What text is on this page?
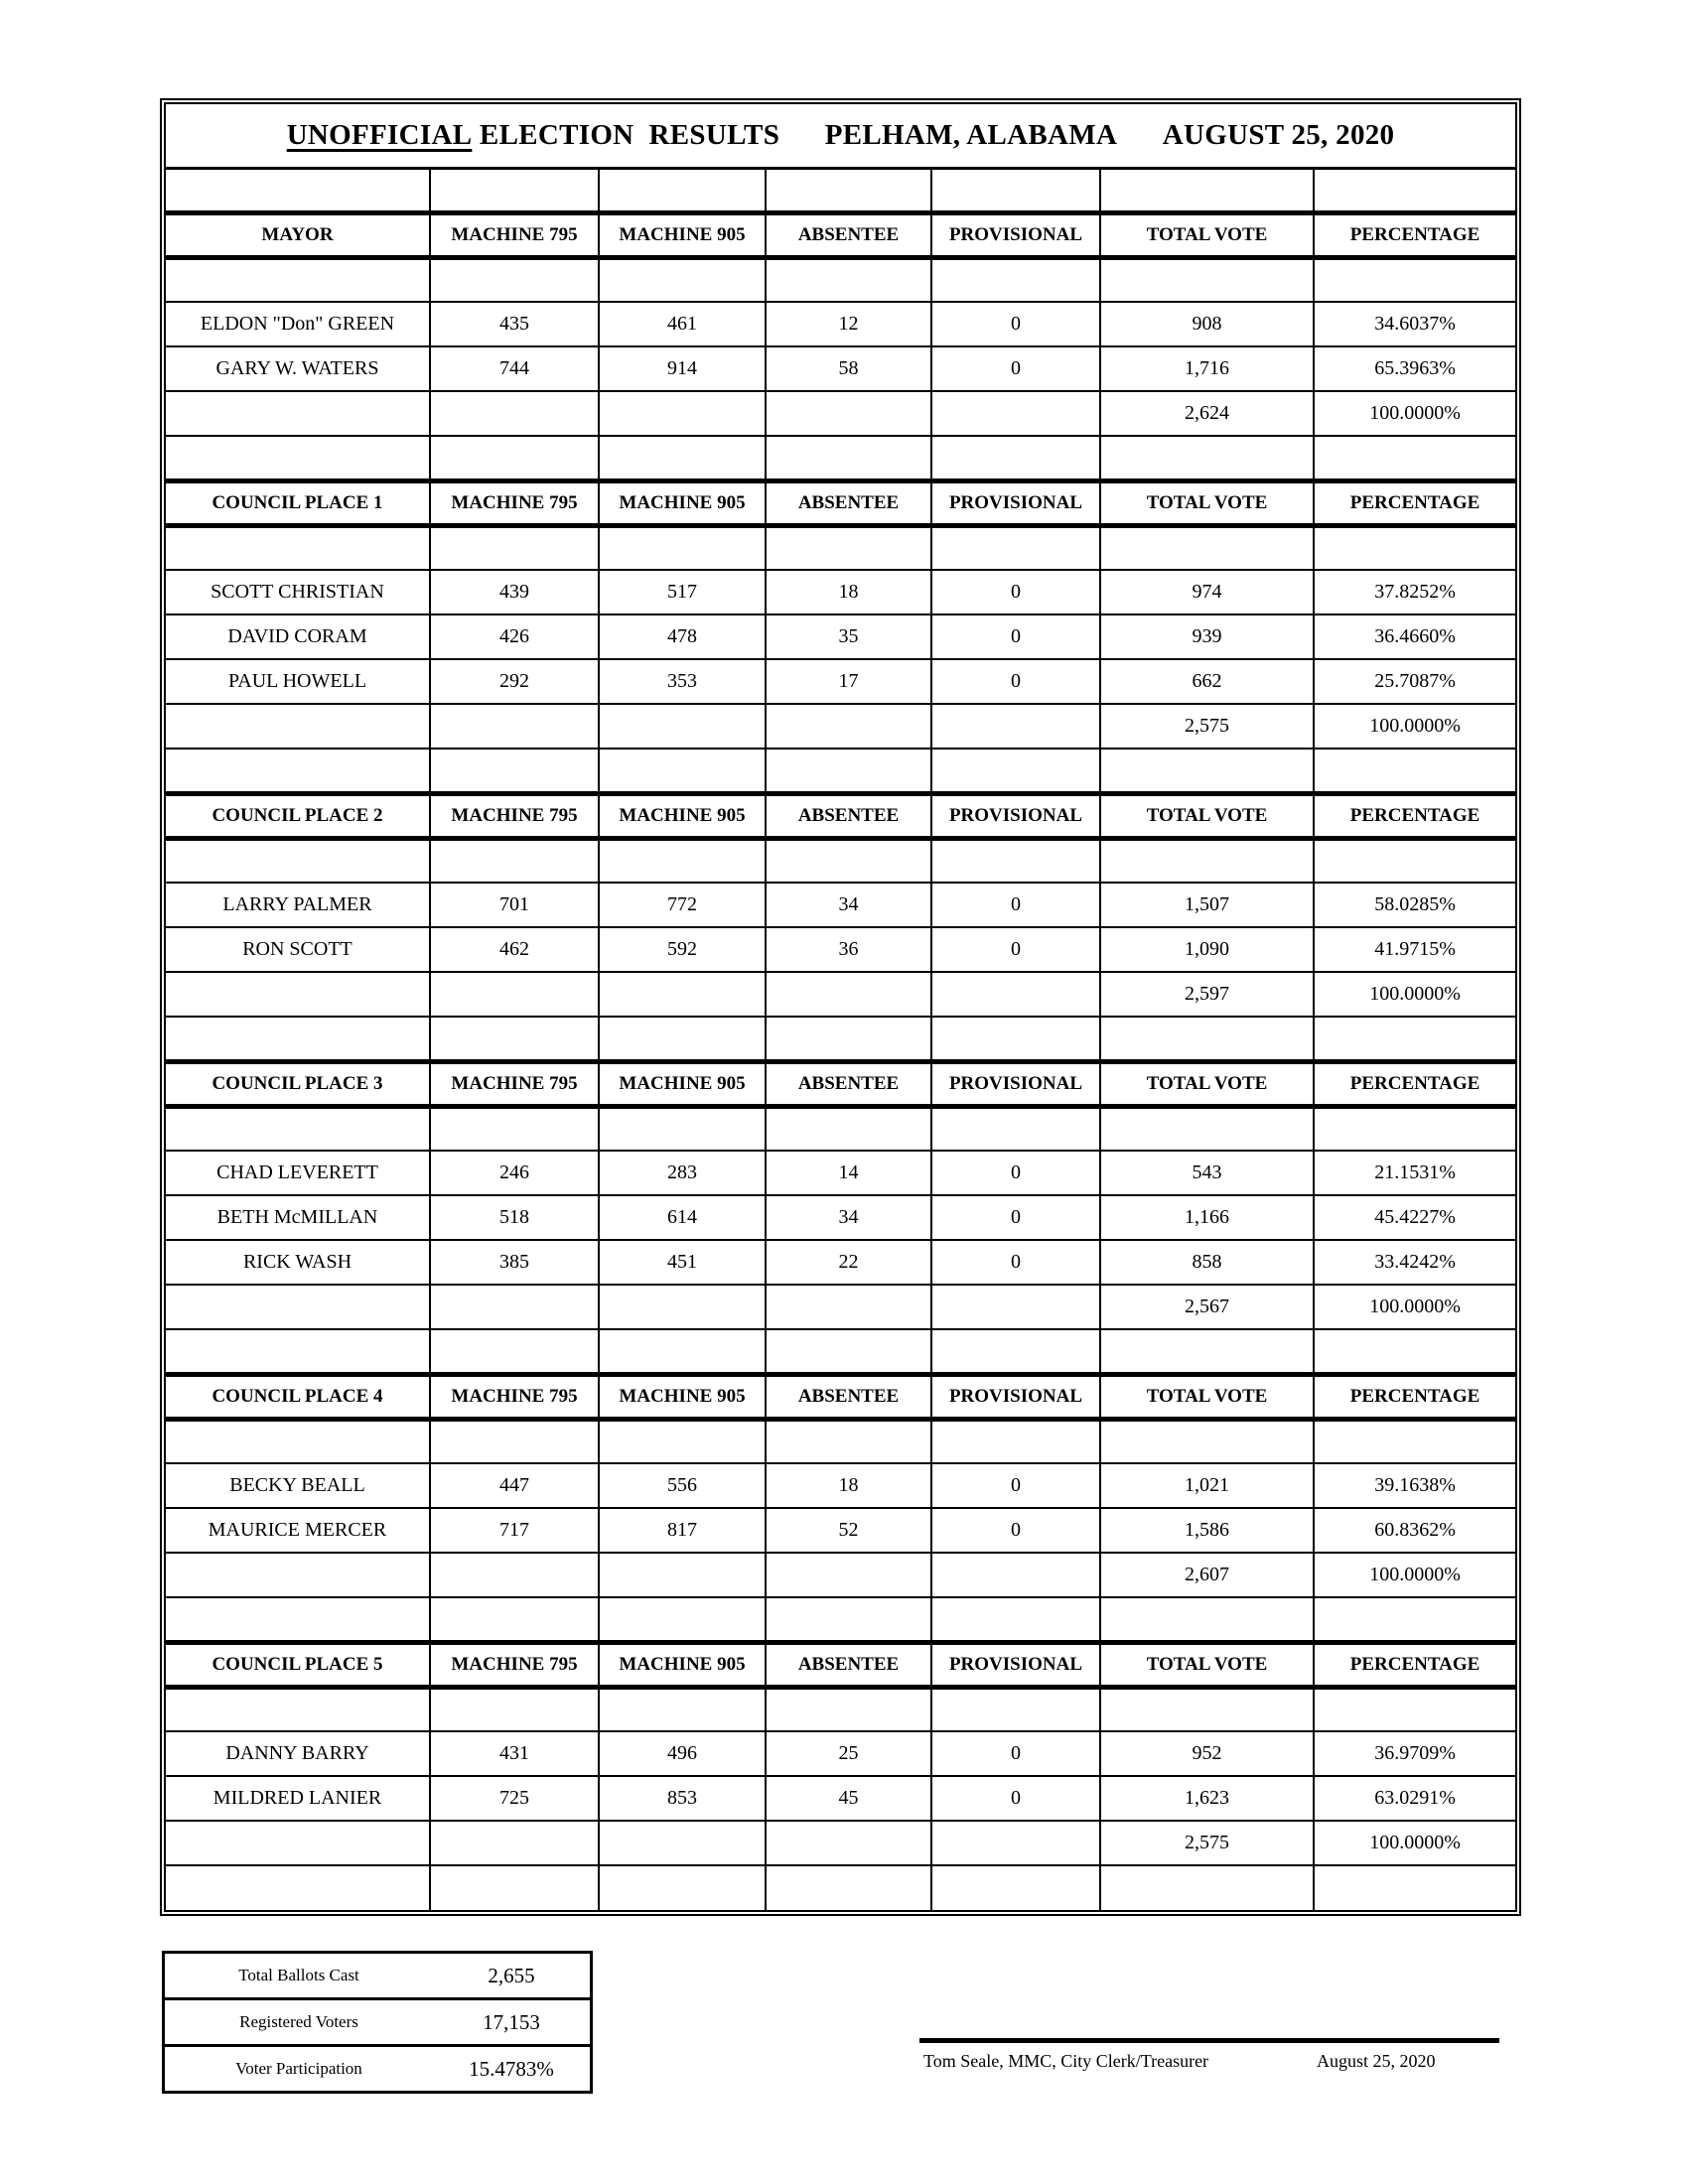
UNOFFICIAL ELECTION  RESULTS PELHAM, ALABAMA AUGUST 25, 2020						

MAYOR	MACHINE 795	MACHINE 905	ABSENTEE	PROVISIONAL	TOTAL VOTE	PERCENTAGE

ELDON "Don" GREEN	435	461	12	0	908	34.6037%
GARY W. WATERS	744	914	58	0	1,716	65.3963%
					2,624	100.0000%

COUNCIL PLACE 1	MACHINE 795	MACHINE 905	ABSENTEE	PROVISIONAL	TOTAL VOTE	PERCENTAGE

SCOTT CHRISTIAN	439	517	18	0	974	37.8252%
DAVID CORAM	426	478	35	0	939	36.4660%
PAUL HOWELL	292	353	17	0	662	25.7087%
					2,575	100.0000%

COUNCIL PLACE 2	MACHINE 795	MACHINE 905	ABSENTEE	PROVISIONAL	TOTAL VOTE	PERCENTAGE

LARRY PALMER	701	772	34	0	1,507	58.0285%
RON SCOTT	462	592	36	0	1,090	41.9715%
					2,597	100.0000%

COUNCIL PLACE 3	MACHINE 795	MACHINE 905	ABSENTEE	PROVISIONAL	TOTAL VOTE	PERCENTAGE

CHAD LEVERETT	246	283	14	0	543	21.1531%
BETH McMILLAN	518	614	34	0	1,166	45.4227%
RICK WASH	385	451	22	0	858	33.4242%
					2,567	100.0000%

COUNCIL PLACE 4	MACHINE 795	MACHINE 905	ABSENTEE	PROVISIONAL	TOTAL VOTE	PERCENTAGE

BECKY BEALL	447	556	18	0	1,021	39.1638%
MAURICE MERCER	717	817	52	0	1,586	60.8362%
					2,607	100.0000%

COUNCIL PLACE 5	MACHINE 795	MACHINE 905	ABSENTEE	PROVISIONAL	TOTAL VOTE	PERCENTAGE

DANNY BARRY	431	496	25	0	952	36.9709%
MILDRED LANIER	725	853	45	0	1,623	63.0291%
					2,575	100.0000%

Total Ballots Cast	2,655
Registered Voters	17,153
Voter Participation	15.4783%	Tom Seale, MMC, City Clerk/Treasurer	August 25, 2020
